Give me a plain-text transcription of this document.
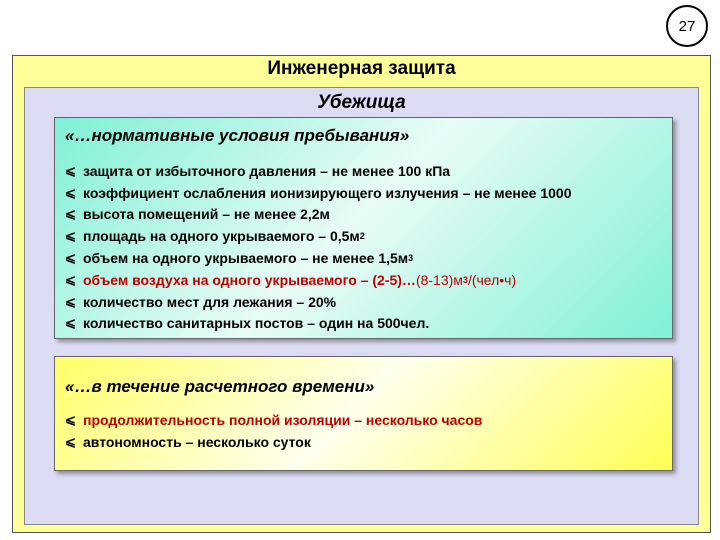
27
Инженерная защита
Убежища
«…нормативные условия пребывания»
⩽ защита от избыточного давления – не менее 100 кПа
⩽ коэффициент ослабления ионизирующего излучения – не менее 1000
⩽ высота помещений – не менее 2,2м
⩽ площадь на одного укрываемого – 0,5м 2
⩽ объем на одного укрываемого – не менее 1,5м 3
⩽ объем воздуха на одного укрываемого – (2-5)… (8-13)м 3 /(чел•ч)
⩽ количество мест для лежания – 20%
⩽ количество санитарных постов – один на 500чел.
«…в течение расчетного времени»
⩽ продолжительность полной изоляции – несколько часов
⩽ автономность – несколько суток
